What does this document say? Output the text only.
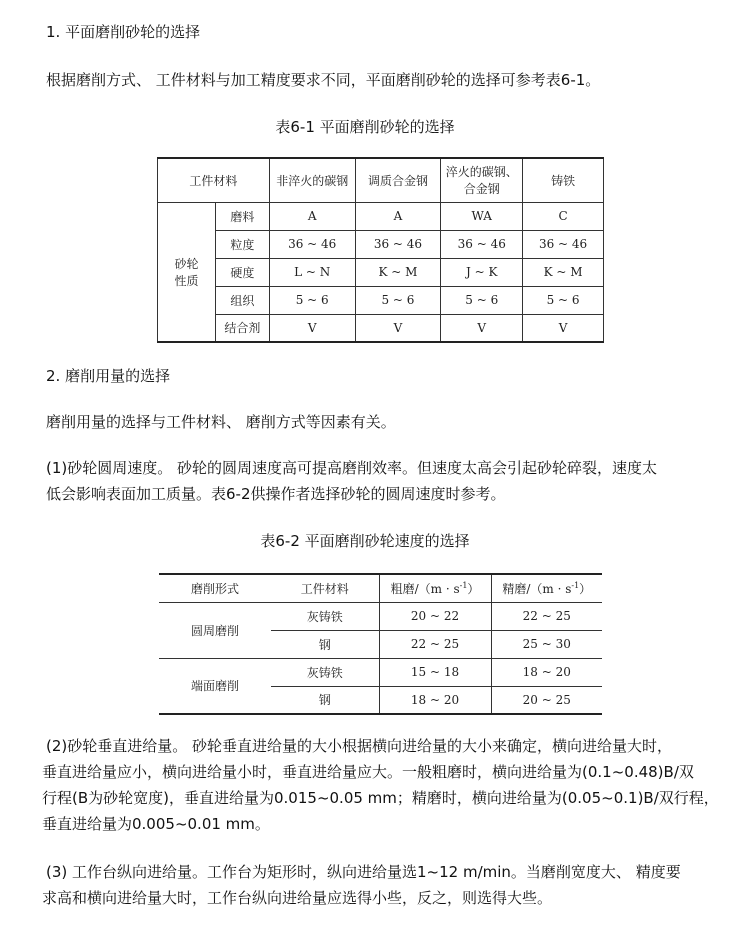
1. 平面磨削砂轮的选择
根据磨削方式、 工件材料与加工精度要求不同，平面磨削砂轮的选择可参考表6-1。
表6-1 平面磨削砂轮的选择
工件材料		非淬火的碳钢	调质合金钢	淬火的碳钢、合金钢	铸铁
砂轮性质	磨料	A	A	WA	C
	粒度	36 ~ 46	36 ~ 46	36 ~ 46	36 ~ 46
	硬度	L ~ N	K ~ M	J ~ K	K ~ M
	组织	5 ~ 6	5 ~ 6	5 ~ 6	5 ~ 6
	结合剂	V	V	V	V
2. 磨削用量的选择
磨削用量的选择与工件材料、 磨削方式等因素有关。
(1)砂轮圆周速度。 砂轮的圆周速度高可提高磨削效率。但速度太高会引起砂轮碎裂，速度太
低会影响表面加工质量。表6-2供操作者选择砂轮的圆周速度时参考。
表6-2 平面磨削砂轮速度的选择
磨削形式	工件材料	粗磨$/(m \cdot s^{-1})$	精磨$/(m \cdot s^{-1})$
圆周磨削	灰铸铁	20 ~ 22	22 ~ 25
	钢	22 ~ 25	25 ~ 30
端面磨削	灰铸铁	15 ~ 18	18 ~ 20
	钢	18 ~ 20	20 ~ 25
(2)砂轮垂直进给量。 砂轮垂直进给量的大小根据横向进给量的大小来确定，横向进给量大时，
垂直进给量应小，横向进给量小时，垂直进给量应大。一般粗磨时，横向进给量为(0.1~0.48)B/双
行程(B为砂轮宽度)，垂直进给量为0.015~0.05 mm；精磨时，横向进给量为(0.05~0.1)B/双行程，
垂直进给量为0.005~0.01 mm。
(3) 工作台纵向进给量。工作台为矩形时，纵向进给量选1~12 m/min。当磨削宽度大、 精度要
求高和横向进给量大时，工作台纵向进给量应选得小些，反之，则选得大些。
